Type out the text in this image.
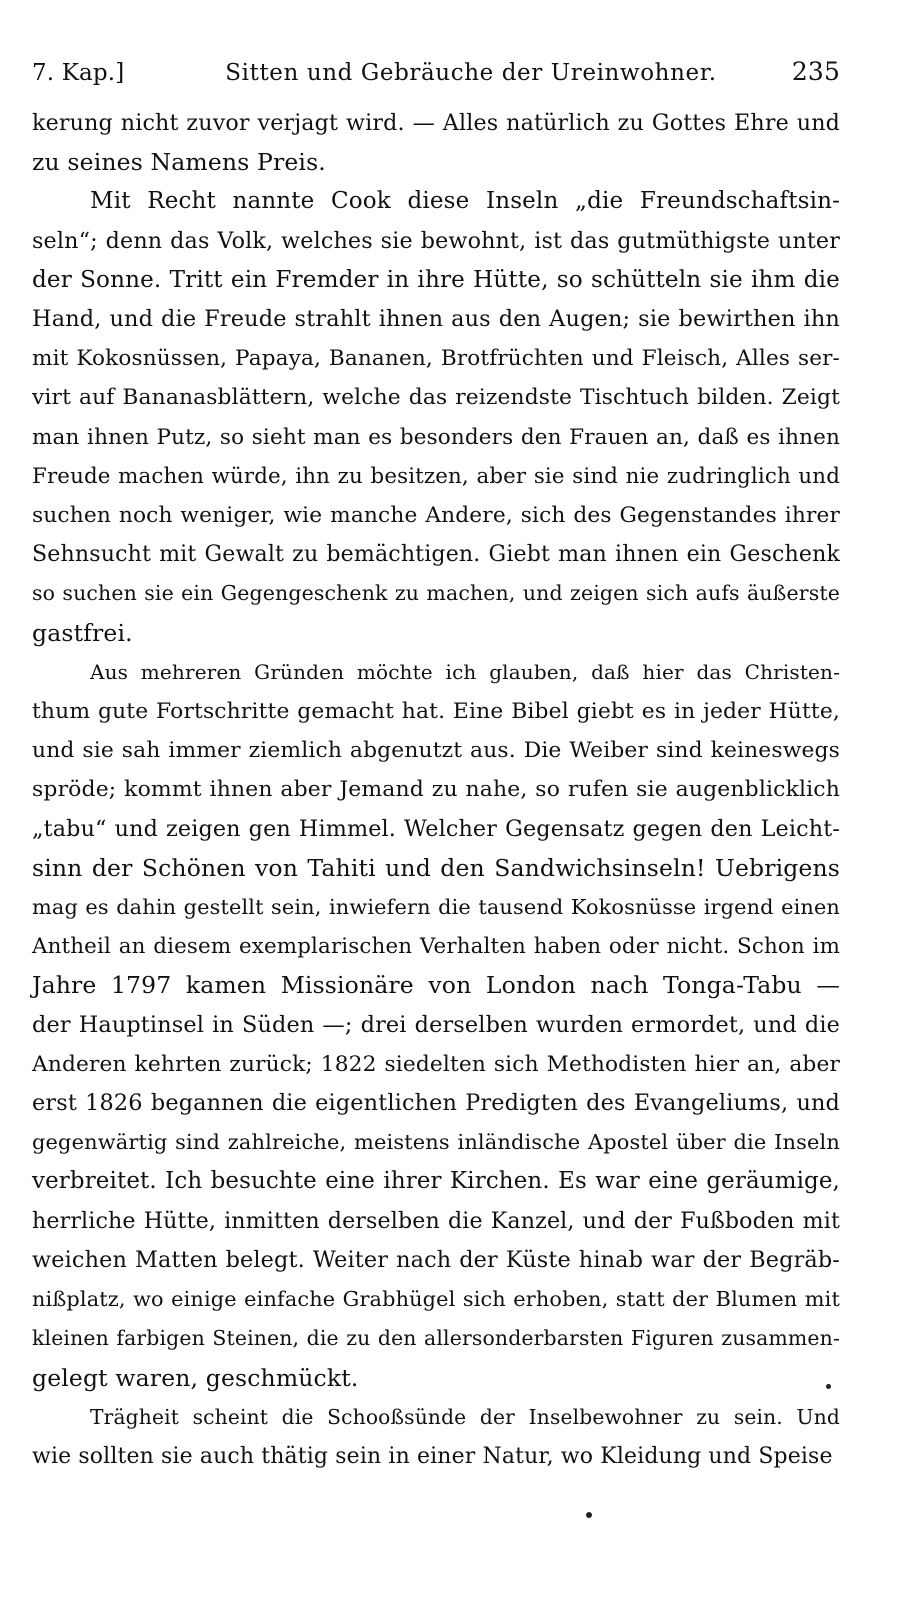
7. Kap.]	Sitten und Gebräuche der Ureinwohner.	235
kerung nicht zuvor verjagt wird. — Alles natürlich zu Gottes Ehre und
zu seines Namens Preis.
Mit Recht nannte Cook diese Inseln „die Freundschaftsin-
seln“; denn das Volk, welches sie bewohnt, ist das gutmüthigste unter
der Sonne. Tritt ein Fremder in ihre Hütte, so schütteln sie ihm die
Hand, und die Freude strahlt ihnen aus den Augen; sie bewirthen ihn
mit Kokosnüssen, Papaya, Bananen, Brotfrüchten und Fleisch, Alles ser-
virt auf Bananasblättern, welche das reizendste Tischtuch bilden. Zeigt
man ihnen Putz, so sieht man es besonders den Frauen an, daß es ihnen
Freude machen würde, ihn zu besitzen, aber sie sind nie zudringlich und
suchen noch weniger, wie manche Andere, sich des Gegenstandes ihrer
Sehnsucht mit Gewalt zu bemächtigen. Giebt man ihnen ein Geschenk
so suchen sie ein Gegengeschenk zu machen, und zeigen sich aufs äußerste
gastfrei.
Aus mehreren Gründen möchte ich glauben, daß hier das Christen-
thum gute Fortschritte gemacht hat. Eine Bibel giebt es in jeder Hütte,
und sie sah immer ziemlich abgenutzt aus. Die Weiber sind keineswegs
spröde; kommt ihnen aber Jemand zu nahe, so rufen sie augenblicklich
„tabu“ und zeigen gen Himmel. Welcher Gegensatz gegen den Leicht-
sinn der Schönen von Tahiti und den Sandwichsinseln! Uebrigens
mag es dahin gestellt sein, inwiefern die tausend Kokosnüsse irgend einen
Antheil an diesem exemplarischen Verhalten haben oder nicht. Schon im
Jahre 1797 kamen Missionäre von London nach Tonga-Tabu —
der Hauptinsel in Süden —; drei derselben wurden ermordet, und die
Anderen kehrten zurück; 1822 siedelten sich Methodisten hier an, aber
erst 1826 begannen die eigentlichen Predigten des Evangeliums, und
gegenwärtig sind zahlreiche, meistens inländische Apostel über die Inseln
verbreitet. Ich besuchte eine ihrer Kirchen. Es war eine geräumige,
herrliche Hütte, inmitten derselben die Kanzel, und der Fußboden mit
weichen Matten belegt. Weiter nach der Küste hinab war der Begräb-
nißplatz, wo einige einfache Grabhügel sich erhoben, statt der Blumen mit
kleinen farbigen Steinen, die zu den allersonderbarsten Figuren zusammen-
gelegt waren, geschmückt.
Trägheit scheint die Schooßsünde der Inselbewohner zu sein. Und
wie sollten sie auch thätig sein in einer Natur, wo Kleidung und Speise
